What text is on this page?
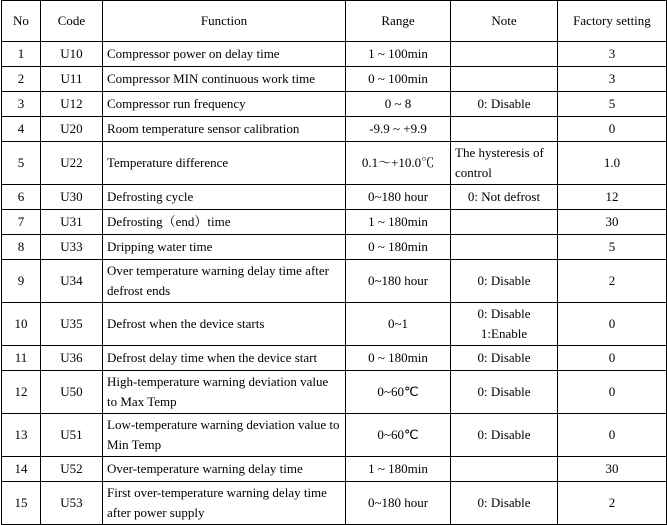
No	Code	Function	Range	Note	Factory setting
1	U10	Compressor power on delay time	1 ~ 100min		3
2	U11	Compressor MIN continuous work time	0 ~ 100min		3
3	U12	Compressor run frequency	0 ~ 8	0: Disable	5
4	U20	Room temperature sensor calibration	-9.9 ~ +9.9		0
5	U22	Temperature difference	0.1～+10.0℃	The hysteresis of control	1.0
6	U30	Defrosting cycle	0~180 hour	0: Not defrost	12
7	U31	Defrosting（end）time	1 ~ 180min		30
8	U33	Dripping water time	0 ~ 180min		5
9	U34	Over temperature warning delay time after defrost ends	0~180 hour	0: Disable	2
10	U35	Defrost when the device starts	0~1	0: Disable 1:Enable	0
11	U36	Defrost delay time when the device start	0 ~ 180min	0: Disable	0
12	U50	High-temperature warning deviation value to Max Temp	0~60℃	0: Disable	0
13	U51	Low-temperature warning deviation value to Min Temp	0~60℃	0: Disable	0
14	U52	Over-temperature warning delay time	1 ~ 180min		30
15	U53	First over-temperature warning delay time after power supply	0~180 hour	0: Disable	2
